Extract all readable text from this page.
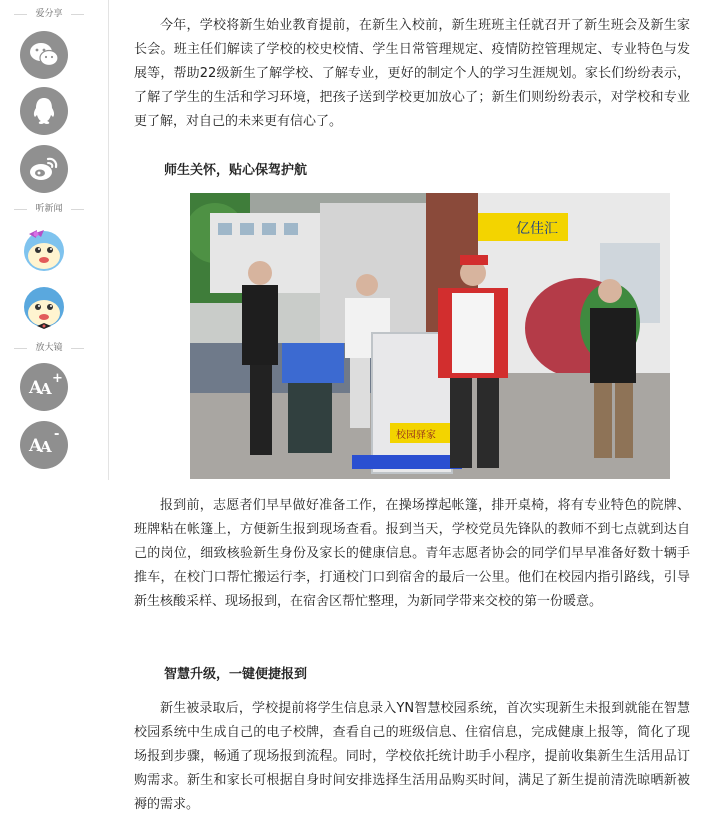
爱分享
听新闻
放大镜
A
A
+
A
A
-

今年，学校将新生始业教育提前，在新生入校前，新生班班主任就召开了新生班会及新生家长会。班主任们解读了学校的校史校情、学生日常管理规定、疫情防控管理规定、专业特色与发展等，帮助22级新生了解学校、了解专业，更好的制定个人的学习生涯规划。家长们纷纷表示，了解了学生的生活和学习环境，把孩子送到学校更加放心了；新生们则纷纷表示，对学校和专业更了解，对自己的未来更有信心了。

师生关怀，贴心保驾护航

报到前，志愿者们早早做好准备工作，在操场撑起帐篷，排开桌椅，将有专业特色的院牌、班牌粘在帐篷上，方便新生报到现场查看。报到当天，学校党员先锋队的教师不到七点就到达自己的岗位，细致核验新生身份及家长的健康信息。青年志愿者协会的同学们早早准备好数十辆手推车，在校门口帮忙搬运行李，打通校门口到宿舍的最后一公里。他们在校园内指引路线，引导新生核酸采样、现场报到，在宿舍区帮忙整理，为新同学带来交校的第一份暖意。

智慧升级，一键便捷报到

新生被录取后，学校提前将学生信息录入YN智慧校园系统，首次实现新生未报到就能在智慧校园系统中生成自己的电子校牌，查看自己的班级信息、住宿信息，完成健康上报等，简化了现场报到步骤，畅通了现场报到流程。同时，学校依托统计助手小程序，提前收集新生生活用品订购需求。新生和家长可根据自身时间安排选择生活用品购买时间，满足了新生提前清洗晾晒新被褥的需求。

亿佳汇
校园驿家
